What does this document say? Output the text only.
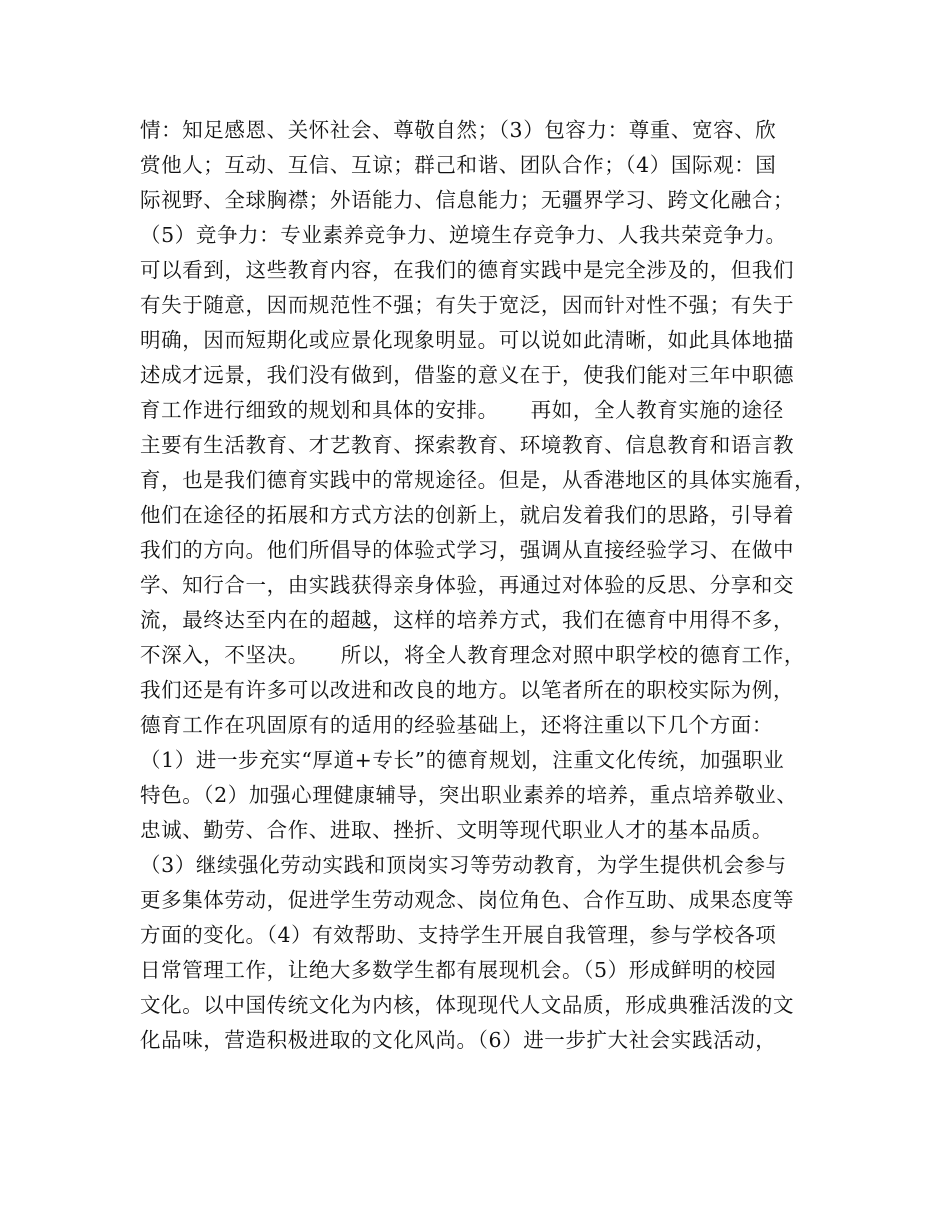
情：知足感恩、关怀社会、尊敬自然；（3）包容力：尊重、宽容、欣
赏他人；互动、互信、互谅；群己和谐、团队合作；（4）国际观：国
际视野、全球胸襟；外语能力、信息能力；无疆界学习、跨文化融合；
（5）竞争力：专业素养竞争力、逆境生存竞争力、人我共荣竞争力。
可以看到，这些教育内容，在我们的德育实践中是完全涉及的，但我们
有失于随意，因而规范性不强；有失于宽泛，因而针对性不强；有失于
明确，因而短期化或应景化现象明显。可以说如此清晰，如此具体地描
述成才远景，我们没有做到，借鉴的意义在于，使我们能对三年中职德
育工作进行细致的规划和具体的安排。　　再如，全人教育实施的途径
主要有生活教育、才艺教育、探索教育、环境教育、信息教育和语言教
育，也是我们德育实践中的常规途径。但是，从香港地区的具体实施看，
他们在途径的拓展和方式方法的创新上，就启发着我们的思路，引导着
我们的方向。他们所倡导的体验式学习，强调从直接经验学习、在做中
学、知行合一，由实践获得亲身体验，再通过对体验的反思、分享和交
流，最终达至内在的超越，这样的培养方式，我们在德育中用得不多，
不深入，不坚决。　　所以，将全人教育理念对照中职学校的德育工作，
我们还是有许多可以改进和改良的地方。以笔者所在的职校实际为例，
德育工作在巩固原有的适用的经验基础上，还将注重以下几个方面：
（1）进一步充实“厚道+专长”的德育规划，注重文化传统，加强职业
特色。（2）加强心理健康辅导，突出职业素养的培养，重点培养敬业、
忠诚、勤劳、合作、进取、挫折、文明等现代职业人才的基本品质。
（3）继续强化劳动实践和顶岗实习等劳动教育，为学生提供机会参与
更多集体劳动，促进学生劳动观念、岗位角色、合作互助、成果态度等
方面的变化。（4）有效帮助、支持学生开展自我管理，参与学校各项
日常管理工作，让绝大多数学生都有展现机会。（5）形成鲜明的校园
文化。以中国传统文化为内核，体现现代人文品质，形成典雅活泼的文
化品味，营造积极进取的文化风尚。（6）进一步扩大社会实践活动，
